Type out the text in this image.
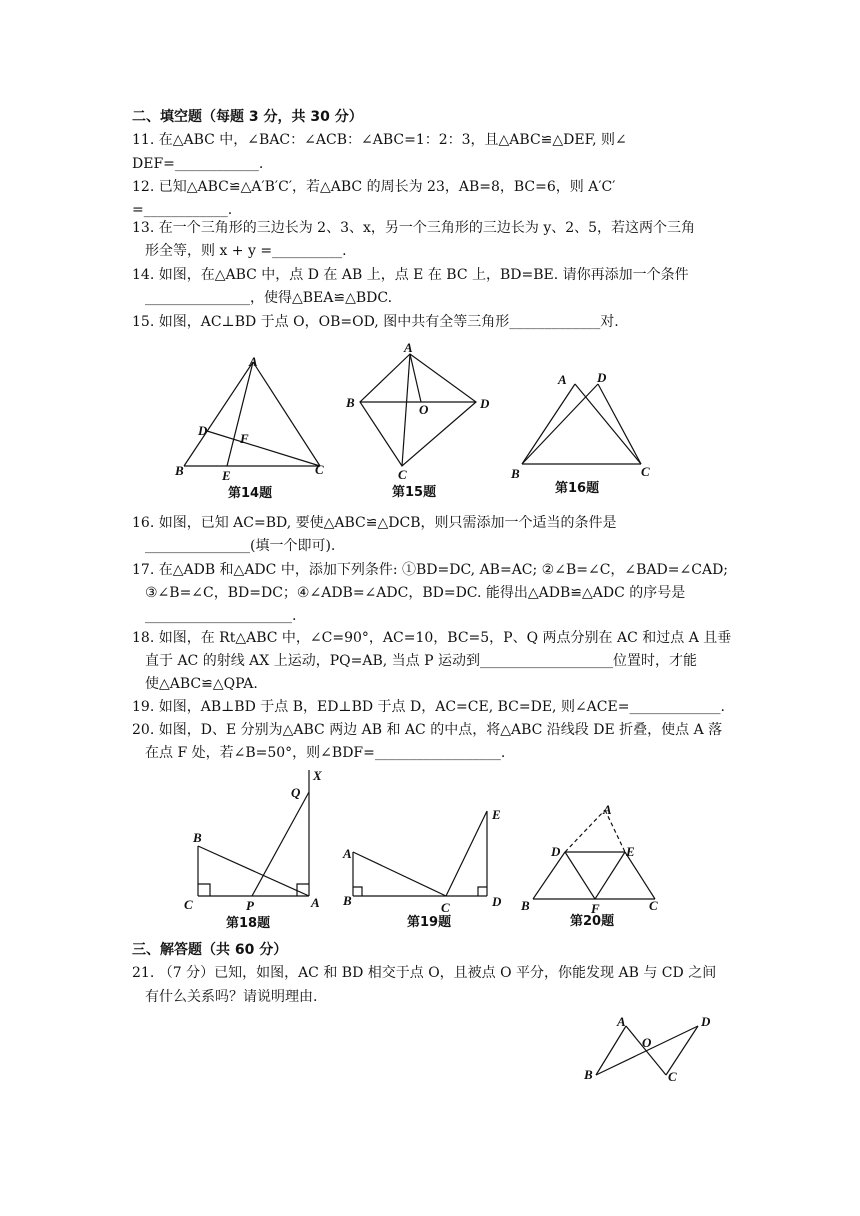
二、填空题（每题 3 分，共 30 分）
11. 在△ABC 中，∠BAC：∠ACB：∠ABC=1：2：3，且△ABC≌△DEF, 则∠
DEF=____________.
12. 已知△ABC≌△A′B′C′，若△ABC 的周长为 23，AB=8，BC=6，则 A′C′
=____________.
13. 在一个三角形的三边长为 2、3、x，另一个三角形的三边长为 y、2、5，若这两个三角
形全等，则 x + y =__________.
14. 如图，在△ABC 中，点 D 在 AB 上，点 E 在 BC 上，BD=BE. 请你再添加一个条件
_______________，使得△BEA≌△BDC.
15. 如图，AC⊥BD 于点 O，OB=OD, 图中共有全等三角形_____________对.
A
D
F
B	E	C
第14题
A
B	O	D
C
第15题
A D
B	C
第16题
16. 如图，已知 AC=BD, 要使△ABC≌△DCB，则只需添加一个适当的条件是
_______________(填一个即可).
17. 在△ADB 和△ADC 中，添加下列条件: ①BD=DC, AB=AC; ②∠B=∠C，∠BAD=∠CAD;
③∠B=∠C，BD=DC；④∠ADB=∠ADC，BD=DC. 能得出△ADB≌△ADC 的序号是
_____________________.
18. 如图，在 Rt△ABC 中，∠C=90°，AC=10，BC=5，P、Q 两点分别在 AC 和过点 A 且垂
直于 AC 的射线 AX 上运动，PQ=AB, 当点 P 运动到___________________位置时，才能
使△ABC≌△QPA.
19. 如图，AB⊥BD 于点 B，ED⊥BD 于点 D，AC=CE, BC=DE, 则∠ACE=_____________.
20. 如图，D、E 分别为△ABC 两边 AB 和 AC 的中点，将△ABC 沿线段 DE 折叠，使点 A 落
在点 F 处，若∠B=50°，则∠BDF=__________________.
X
Q
B
C	P	A
第18题
A
B	C	D
E
第19题
A
D	E
B	F	C
第20题
三、解答题（共 60 分）
21. （7 分）已知，如图，AC 和 BD 相交于点 O，且被点 O 平分，你能发现 AB 与 CD 之间
有什么关系吗？请说明理由.
A
O
D
B	C
